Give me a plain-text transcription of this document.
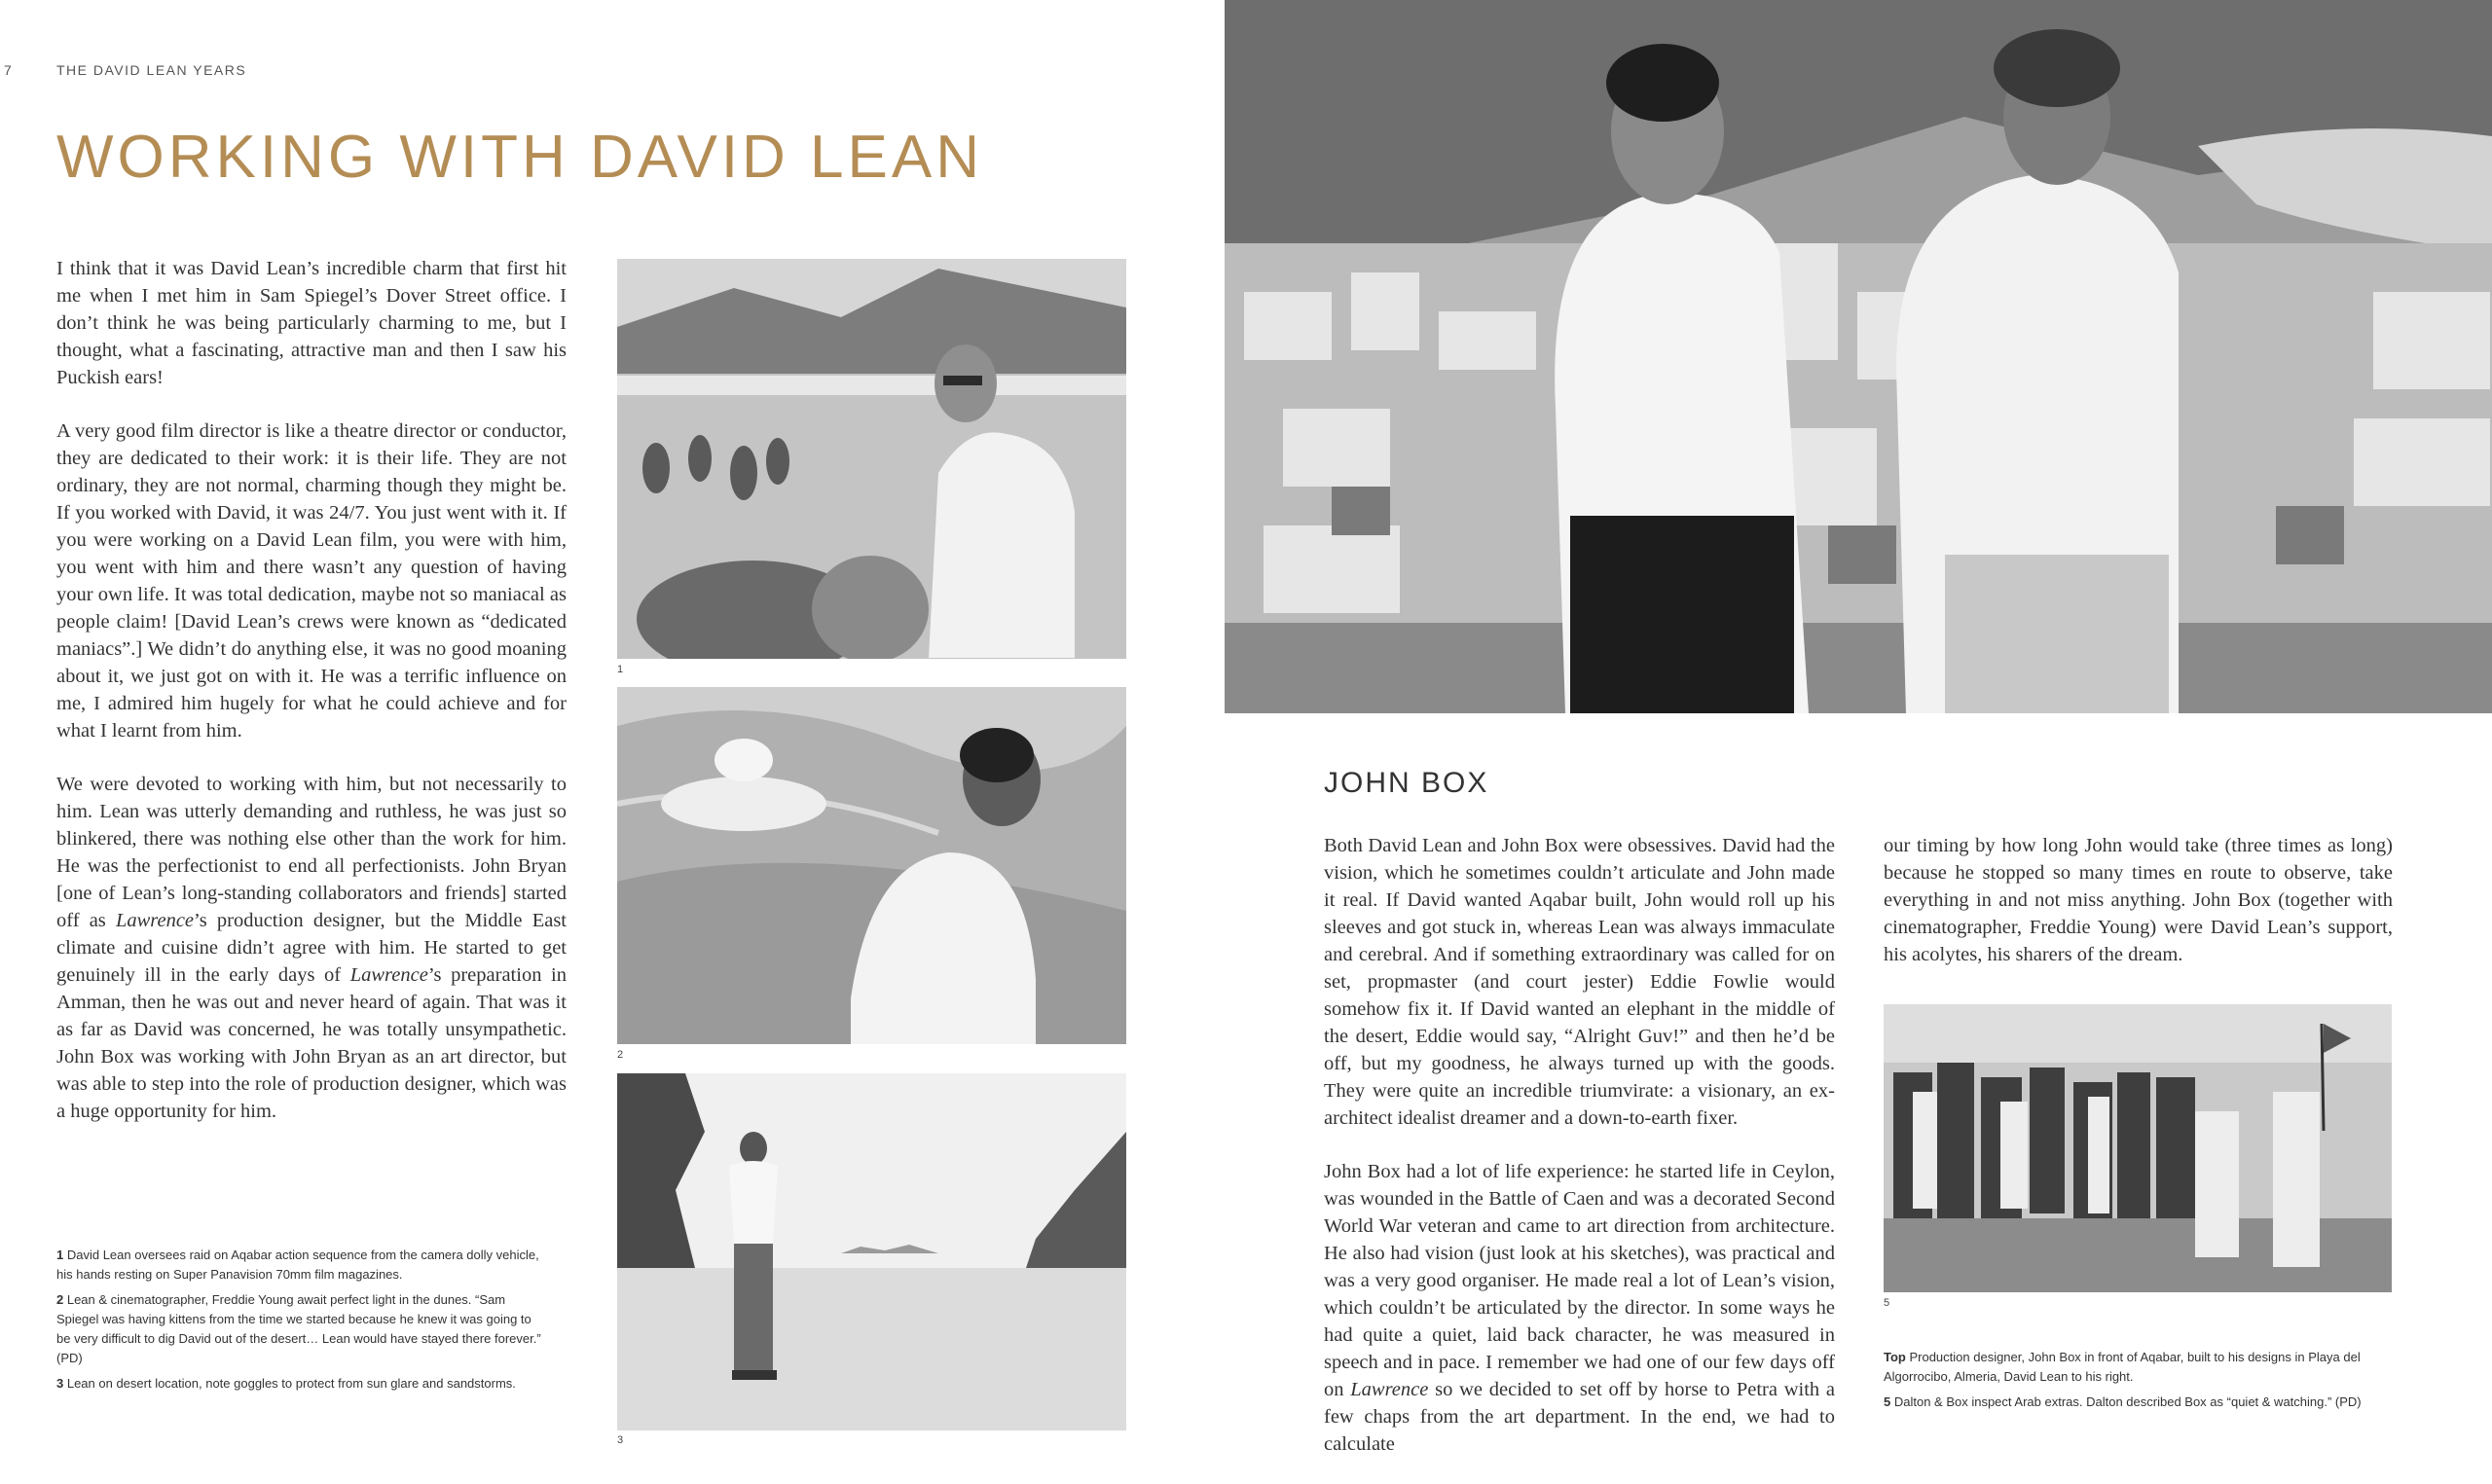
7	THE DAVID LEAN YEARS
WORKING WITH DAVID LEAN

I think that it was David Lean’s incredible charm that first hit me when I met him in Sam Spiegel’s Dover Street office. I don’t think he was being particularly charming to me, but I thought, what a fascinating, attractive man and then I saw his Puckish ears!

A very good film director is like a theatre director or conductor, they are dedicated to their work: it is their life. They are not ordinary, they are not normal, charming though they might be. If you worked with David, it was 24/7. You just went with it. If you were working on a David Lean film, you were with him, you went with him and there wasn’t any question of having your own life. It was total dedication, maybe not so maniacal as people claim! [David Lean’s crews were known as “dedicated maniacs”.] We didn’t do anything else, it was no good moaning about it, we just got on with it. He was a terrific influence on me, I admired him hugely for what he could achieve and for what I learnt from him.

We were devoted to working with him, but not necessarily to him. Lean was utterly demanding and ruthless, he was just so blinkered, there was nothing else other than the work for him. He was the perfectionist to end all perfectionists. John Bryan [one of Lean’s long-standing collaborators and friends] started off as Lawrence’s production designer, but the Middle East climate and cuisine didn’t agree with him. He started to get genuinely ill in the early days of Lawrence’s preparation in Amman, then he was out and never heard of again. That was it as far as David was concerned, he was totally unsympathetic. John Box was working with John Bryan as an art director, but was able to step into the role of production designer, which was a huge opportunity for him.

1
2
3

1 David Lean oversees raid on Aqabar action sequence from the camera dolly vehicle, his hands resting on Super Panavision 70mm film magazines.

2 Lean & cinematographer, Freddie Young await perfect light in the dunes. “Sam Spiegel was having kittens from the time we started because he knew it was going to be very difficult to dig David out of the desert… Lean would have stayed there forever.” (PD)

3 Lean on desert location, note goggles to protect from sun glare and sandstorms.

JOHN BOX

Both David Lean and John Box were obsessives. David had the vision, which he sometimes couldn’t articulate and John made it real. If David wanted Aqabar built, John would roll up his sleeves and got stuck in, whereas Lean was always immaculate and cerebral. And if something extraordinary was called for on set, propmaster (and court jester) Eddie Fowlie would somehow fix it. If David wanted an elephant in the middle of the desert, Eddie would say, “Alright Guv!” and then he’d be off, but my goodness, he always turned up with the goods. They were quite an incredible triumvirate: a visionary, an ex-architect idealist dreamer and a down-to-earth fixer.

John Box had a lot of life experience: he started life in Ceylon, was wounded in the Battle of Caen and was a decorated Second World War veteran and came to art direction from architecture. He also had vision (just look at his sketches), was practical and was a very good organiser. He made real a lot of Lean’s vision, which couldn’t be articulated by the director. In some ways he had quite a quiet, laid back character, he was measured in speech and in pace. I remember we had one of our few days off on Lawrence so we decided to set off by horse to Petra with a few chaps from the art department. In the end, we had to calculate

our timing by how long John would take (three times as long) because he stopped so many times en route to observe, take everything in and not miss anything. John Box (together with cinematographer, Freddie Young) were David Lean’s support, his acolytes, his sharers of the dream.

5

Top Production designer, John Box in front of Aqabar, built to his designs in Playa del Algorrocibo, Almeria, David Lean to his right.

5 Dalton & Box inspect Arab extras. Dalton described Box as “quiet & watching.” (PD)
